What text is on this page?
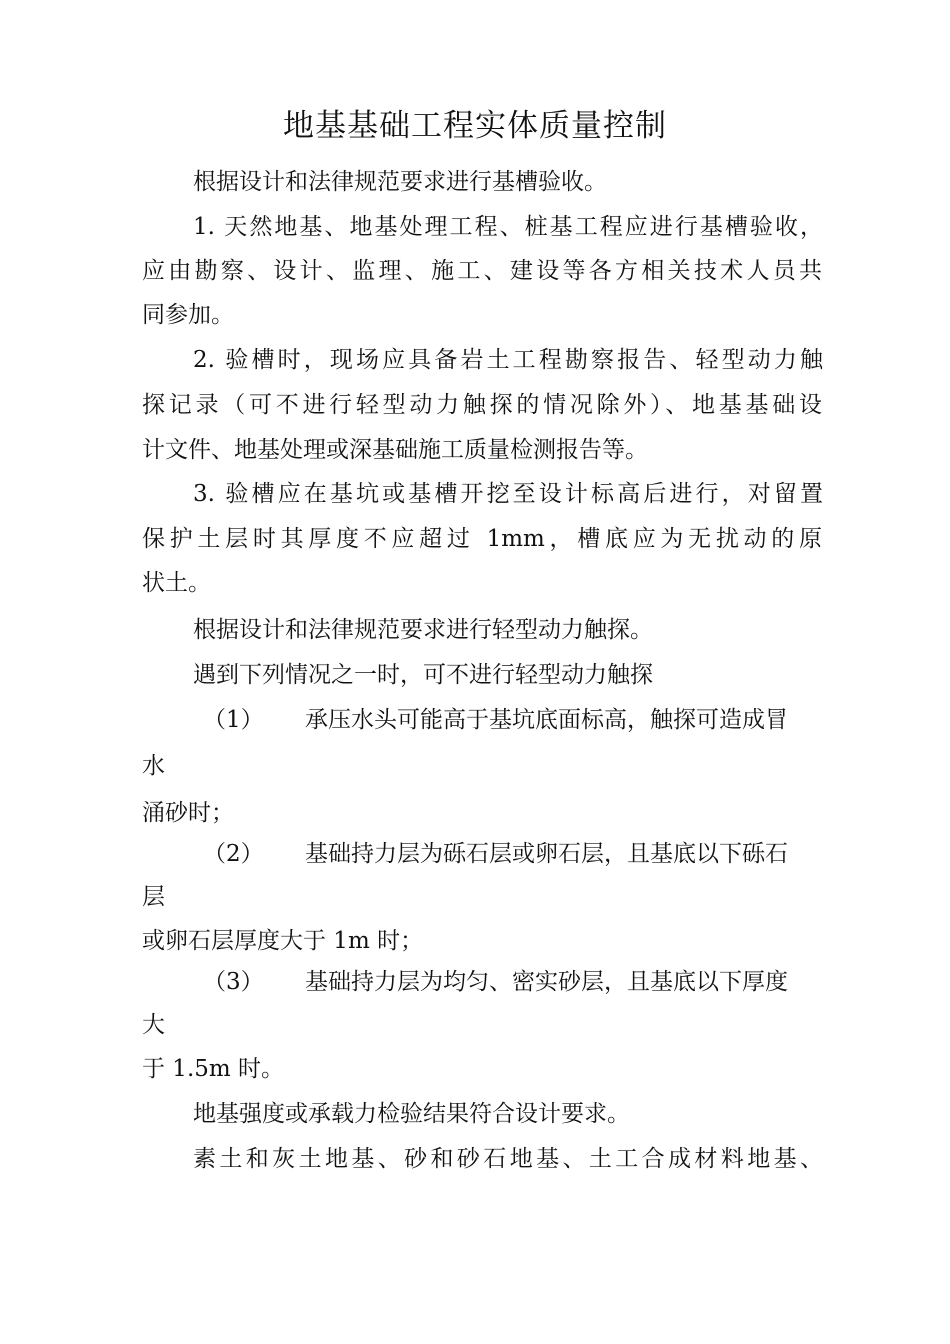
地基基础工程实体质量控制
根据设计和法律规范要求进行基槽验收。
1. 天然地基、地基处理工程、桩基工程应进行基槽验收，
应由勘察、设计、监理、施工、建设等各方相关技术人员共
同参加。
2. 验槽时，现场应具备岩土工程勘察报告、轻型动力触
探记录（可不进行轻型动力触探的情况除外）、地基基础设
计文件、地基处理或深基础施工质量检测报告等。
3. 验槽应在基坑或基槽开挖至设计标高后进行，对留置
保护土层时其厚度不应超过 1mm，槽底应为无扰动的原
状土。
根据设计和法律规范要求进行轻型动力触探。
遇到下列情况之一时，可不进行轻型动力触探
（1） 承压水头可能高于基坑底面标高，触探可造成冒
水
涌砂时；
（2） 基础持力层为砾石层或卵石层，且基底以下砾石
层
或卵石层厚度大于 1m 时；
（3） 基础持力层为均匀、密实砂层，且基底以下厚度
大
于 1.5m 时。
地基强度或承载力检验结果符合设计要求。
素土和灰土地基、砂和砂石地基、土工合成材料地基、
